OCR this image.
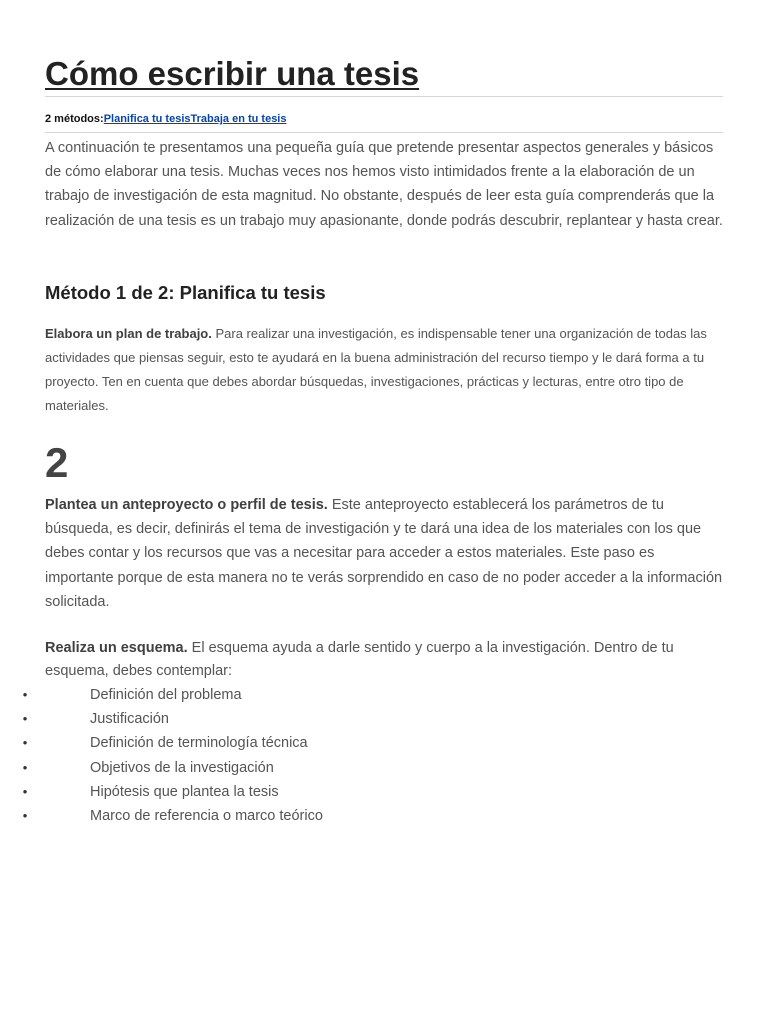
Cómo escribir una tesis
2 métodos:Planifica tu tesisTrabaja en tu tesis

A continuación te presentamos una pequeña guía que pretende presentar aspectos generales y básicos de cómo elaborar una tesis. Muchas veces nos hemos visto intimidados frente a la elaboración de un trabajo de investigación de esta magnitud. No obstante, después de leer esta guía comprenderás que la realización de una tesis es un trabajo muy apasionante, donde podrás descubrir, replantear y hasta crear.

Método 1 de 2: Planifica tu tesis

Elabora un plan de trabajo. Para realizar una investigación, es indispensable tener una organización de todas las actividades que piensas seguir, esto te ayudará en la buena administración del recurso tiempo y le dará forma a tu proyecto. Ten en cuenta que debes abordar búsquedas, investigaciones, prácticas y lecturas, entre otro tipo de materiales.

2

Plantea un anteproyecto o perfil de tesis. Este anteproyecto establecerá los parámetros de tu búsqueda, es decir, definirás el tema de investigación y te dará una idea de los materiales con los que debes contar y los recursos que vas a necesitar para acceder a estos materiales. Este paso es importante porque de esta manera no te verás sorprendido en caso de no poder acceder a la información solicitada.

Realiza un esquema. El esquema ayuda a darle sentido y cuerpo a la investigación. Dentro de tu esquema, debes contemplar:

•	Definición del problema
•	Justificación
•	Definición de terminología técnica
•	Objetivos de la investigación
•	Hipótesis que plantea la tesis
•	Marco de referencia o marco teórico
